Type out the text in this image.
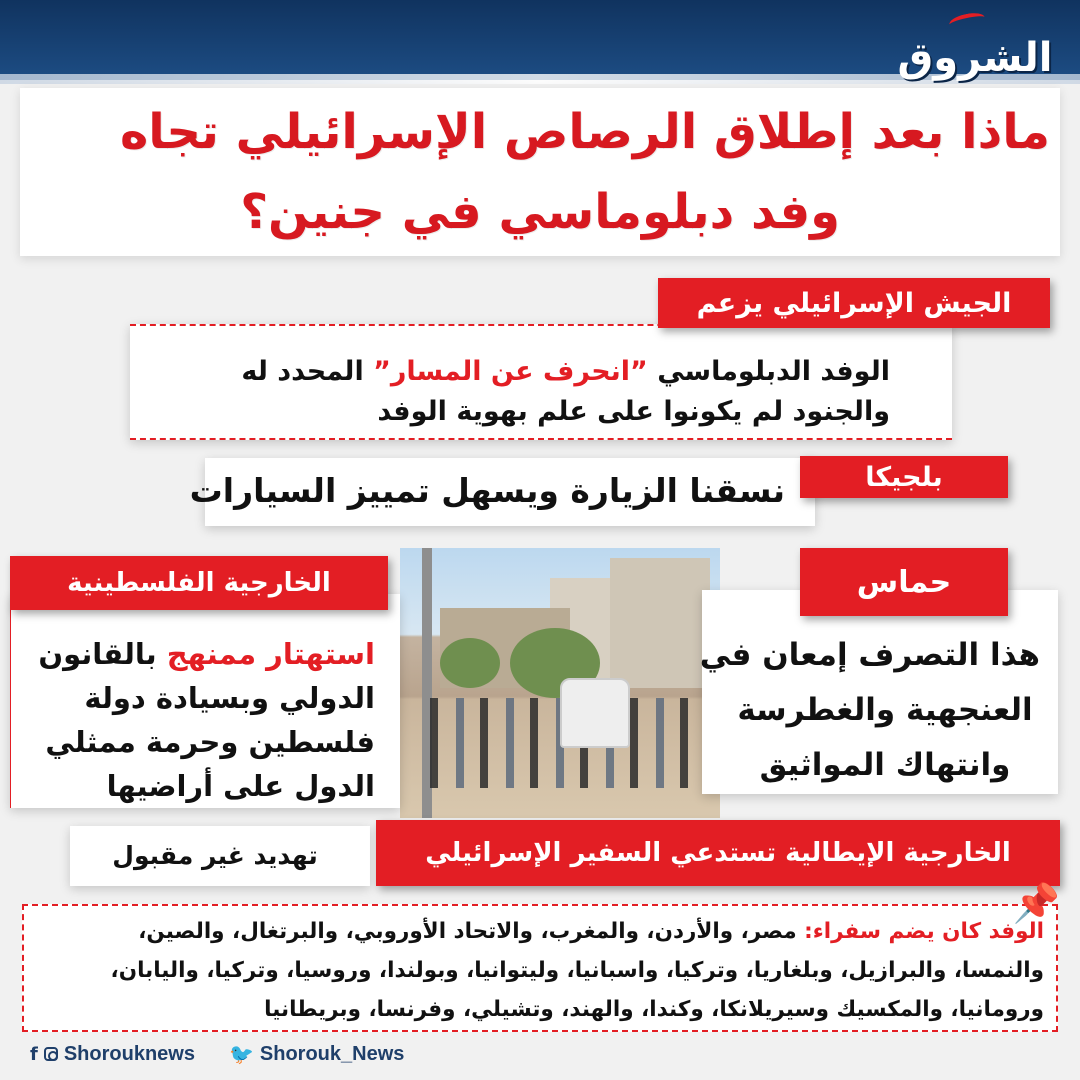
الشروق
ماذا بعد إطلاق الرصاص الإسرائيلي تجاه
وفد دبلوماسي في جنين؟
الجيش الإسرائيلي يزعم
الوفد الدبلوماسي ”انحرف عن المسار” المحدد له
والجنود لم يكونوا على علم بهوية الوفد
بلجيكا
نسقنا الزيارة ويسهل تمييز السيارات
حماس
هذا التصرف إمعان في
العنجهية والغطرسة
وانتهاك المواثيق
الخارجية الفلسطينية
استهتار ممنهج بالقانون
الدولي وبسيادة دولة
فلسطين وحرمة ممثلي
الدول على أراضيها
الخارجية الإيطالية تستدعي السفير الإسرائيلي
تهديد غير مقبول
الوفد كان يضم سفراء: مصر، والأردن، والمغرب، والاتحاد الأوروبي، والبرتغال، والصين،
والنمسا، والبرازيل، وبلغاريا، وتركيا، واسبانيا، وليتوانيا، وبولندا، وروسيا، وتركيا، واليابان،
ورومانيا، والمكسيك وسيريلانكا، وكندا، والهند، وتشيلي، وفرنسا، وبريطانيا
📌
f Shorouknews 🐦 Shorouk_News
